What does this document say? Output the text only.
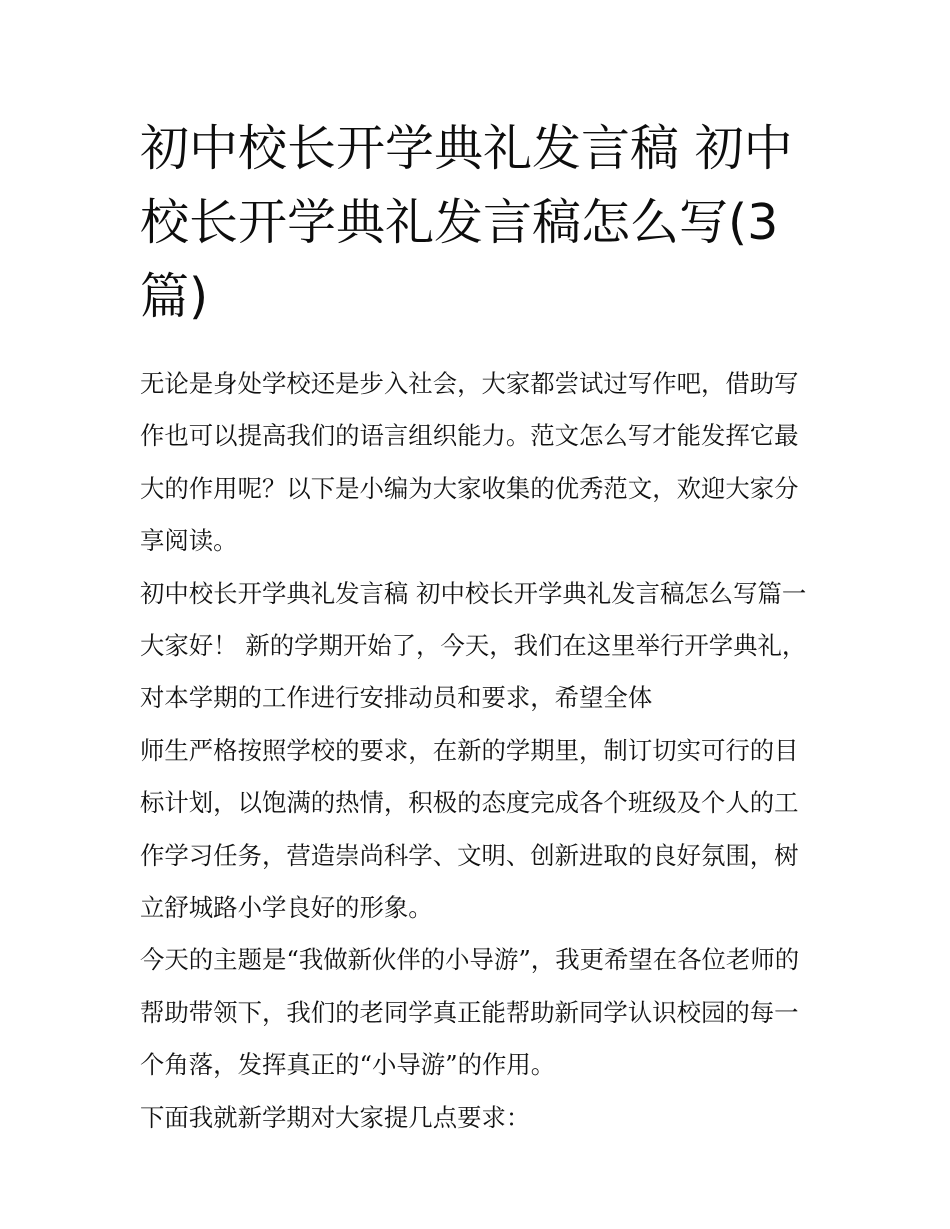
初中校长开学典礼发言稿 初中校长开学典礼发言稿怎么写(3篇)

无论是身处学校还是步入社会，大家都尝试过写作吧，借助写作也可以提高我们的语言组织能力。范文怎么写才能发挥它最大的作用呢？以下是小编为大家收集的优秀范文，欢迎大家分享阅读。

初中校长开学典礼发言稿 初中校长开学典礼发言稿怎么写篇一 大家好！ 新的学期开始了，今天，我们在这里举行开学典礼，对本学期的工作进行安排动员和要求，希望全体

师生严格按照学校的要求，在新的学期里，制订切实可行的目标计划，以饱满的热情，积极的态度完成各个班级及个人的工作学习任务，营造崇尚科学、文明、创新进取的良好氛围，树立舒城路小学良好的形象。

今天的主题是“我做新伙伴的小导游”，我更希望在各位老师的帮助带领下，我们的老同学真正能帮助新同学认识校园的每一个角落，发挥真正的“小导游”的作用。

下面我就新学期对大家提几点要求：
